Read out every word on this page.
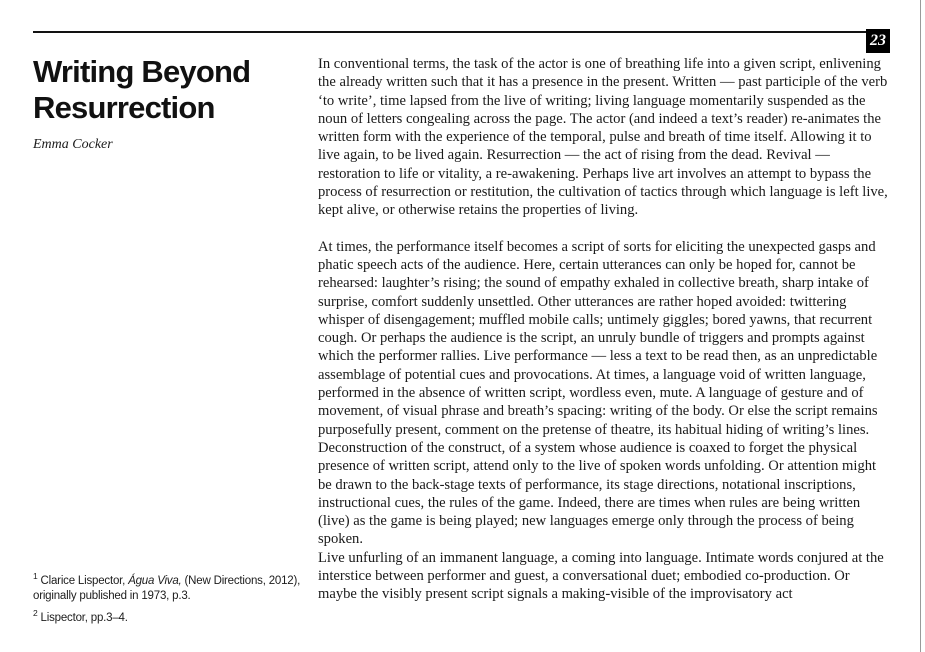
23
Writing Beyond
Resurrection
Emma Cocker

In conventional terms, the task of the actor is one of breathing life into a given script, enlivening the already written such that it has a presence in the present. Written — past participle of the verb ‘to write’, time lapsed from the live of writing; living language momentarily suspended as the noun of letters congealing across the page. The actor (and indeed a text’s reader) re-animates the written form with the experience of the temporal, pulse and breath of time itself. Allowing it to live again, to be lived again. Resurrection — the act of rising from the dead. Revival — restoration to life or vitality, a re-awakening. Perhaps live art involves an attempt to bypass the process of resurrection or restitution, the cultivation of tactics through which language is left live, kept alive, or otherwise retains the properties of living.

At times, the performance itself becomes a script of sorts for eliciting the unexpected gasps and phatic speech acts of the audience. Here, certain utterances can only be hoped for, cannot be rehearsed: laughter’s rising; the sound of empathy exhaled in collective breath, sharp intake of surprise, comfort suddenly unsettled. Other utterances are rather hoped avoided: twittering whisper of disengagement; muffled mobile calls; untimely giggles; bored yawns, that recurrent cough. Or perhaps the audience is the script, an unruly bundle of triggers and prompts against which the performer rallies. Live performance — less a text to be read then, as an unpredictable assemblage of potential cues and provocations. At times, a language void of written language, performed in the absence of written script, wordless even, mute. A language of gesture and of movement, of visual phrase and breath’s spacing: writing of the body. Or else the script remains purposefully present, comment on the pretense of theatre, its habitual hiding of writing’s lines. Deconstruction of the construct, of a system whose audience is coaxed to forget the physical presence of written script, attend only to the live of spoken words unfolding. Or attention might be drawn to the back-stage texts of performance, its stage directions, notational inscriptions, instructional cues, the rules of the game. Indeed, there are times when rules are being written (live) as the game is being played; new languages emerge only through the process of being spoken.

Live unfurling of an immanent language, a coming into language. Intimate words conjured at the interstice between performer and guest, a conversational duet; embodied co-production. Or maybe the visibly present script signals a making-visible of the improvisatory act

$^1$ Clarice Lispector, Água Viva, (New Directions, 2012), originally published in 1973, p.3.
$^2$ Lispector, pp.3–4.
